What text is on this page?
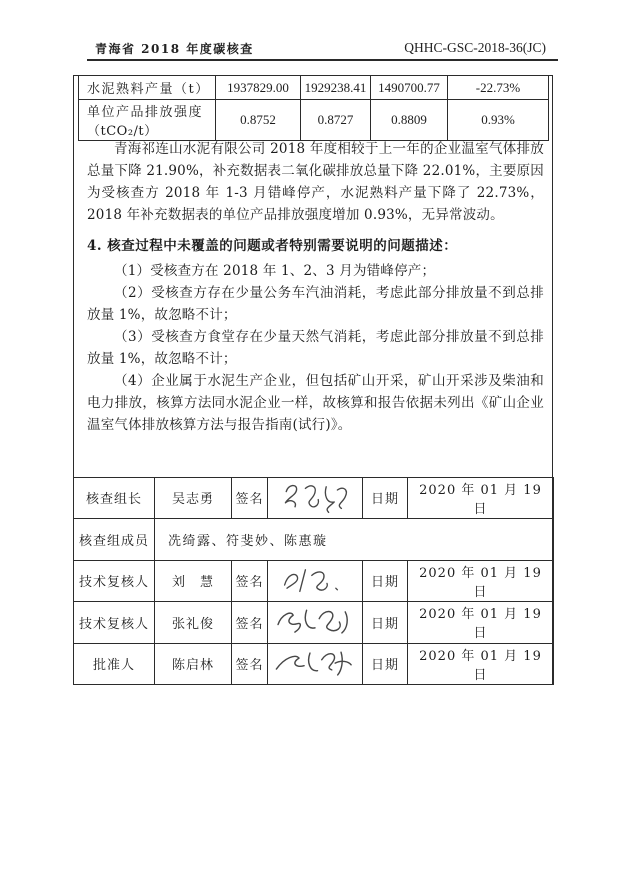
青海省 2018 年度碳核查	QHHC-GSC-2018-36(JC)
水泥熟料产量（t）	1937829.00	1929238.41	1490700.77	-22.73%

单位产品排放强度
（tCO₂/t）	0.8752	0.8727	0.8809	0.93%

青海祁连山水泥有限公司 2018 年度相较于上一年的企业温室气体排放总量下降 21.90%，补充数据表二氧化碳排放总量下降 22.01%，主要原因为受核查方 2018 年 1-3 月错峰停产，水泥熟料产量下降了 22.73%，2018 年补充数据表的单位产品排放强度增加 0.93%，无异常波动。

4. 核查过程中未覆盖的问题或者特别需要说明的问题描述：

（1）受核查方在 2018 年 1、2、3 月为错峰停产；

（2）受核查方存在少量公务车汽油消耗，考虑此部分排放量不到总排放量 1%，故忽略不计；

（3）受核查方食堂存在少量天然气消耗，考虑此部分排放量不到总排放量 1%，故忽略不计；

（4）企业属于水泥生产企业，但包括矿山开采，矿山开采涉及柴油和电力排放，核算方法同水泥企业一样，故核算和报告依据未列出《矿山企业温室气体排放核算方法与报告指南(试行)》。

核查组长	吴志勇	签名		日期	2020 年 01 月 19 日
核查组成员	冼绮露、符斐妙、陈惠璇				
技术复核人	刘　慧	签名		日期	2020 年 01 月 19 日
技术复核人	张礼俊	签名		日期	2020 年 01 月 19 日
批准人	陈启林	签名		日期	2020 年 01 月 19 日
